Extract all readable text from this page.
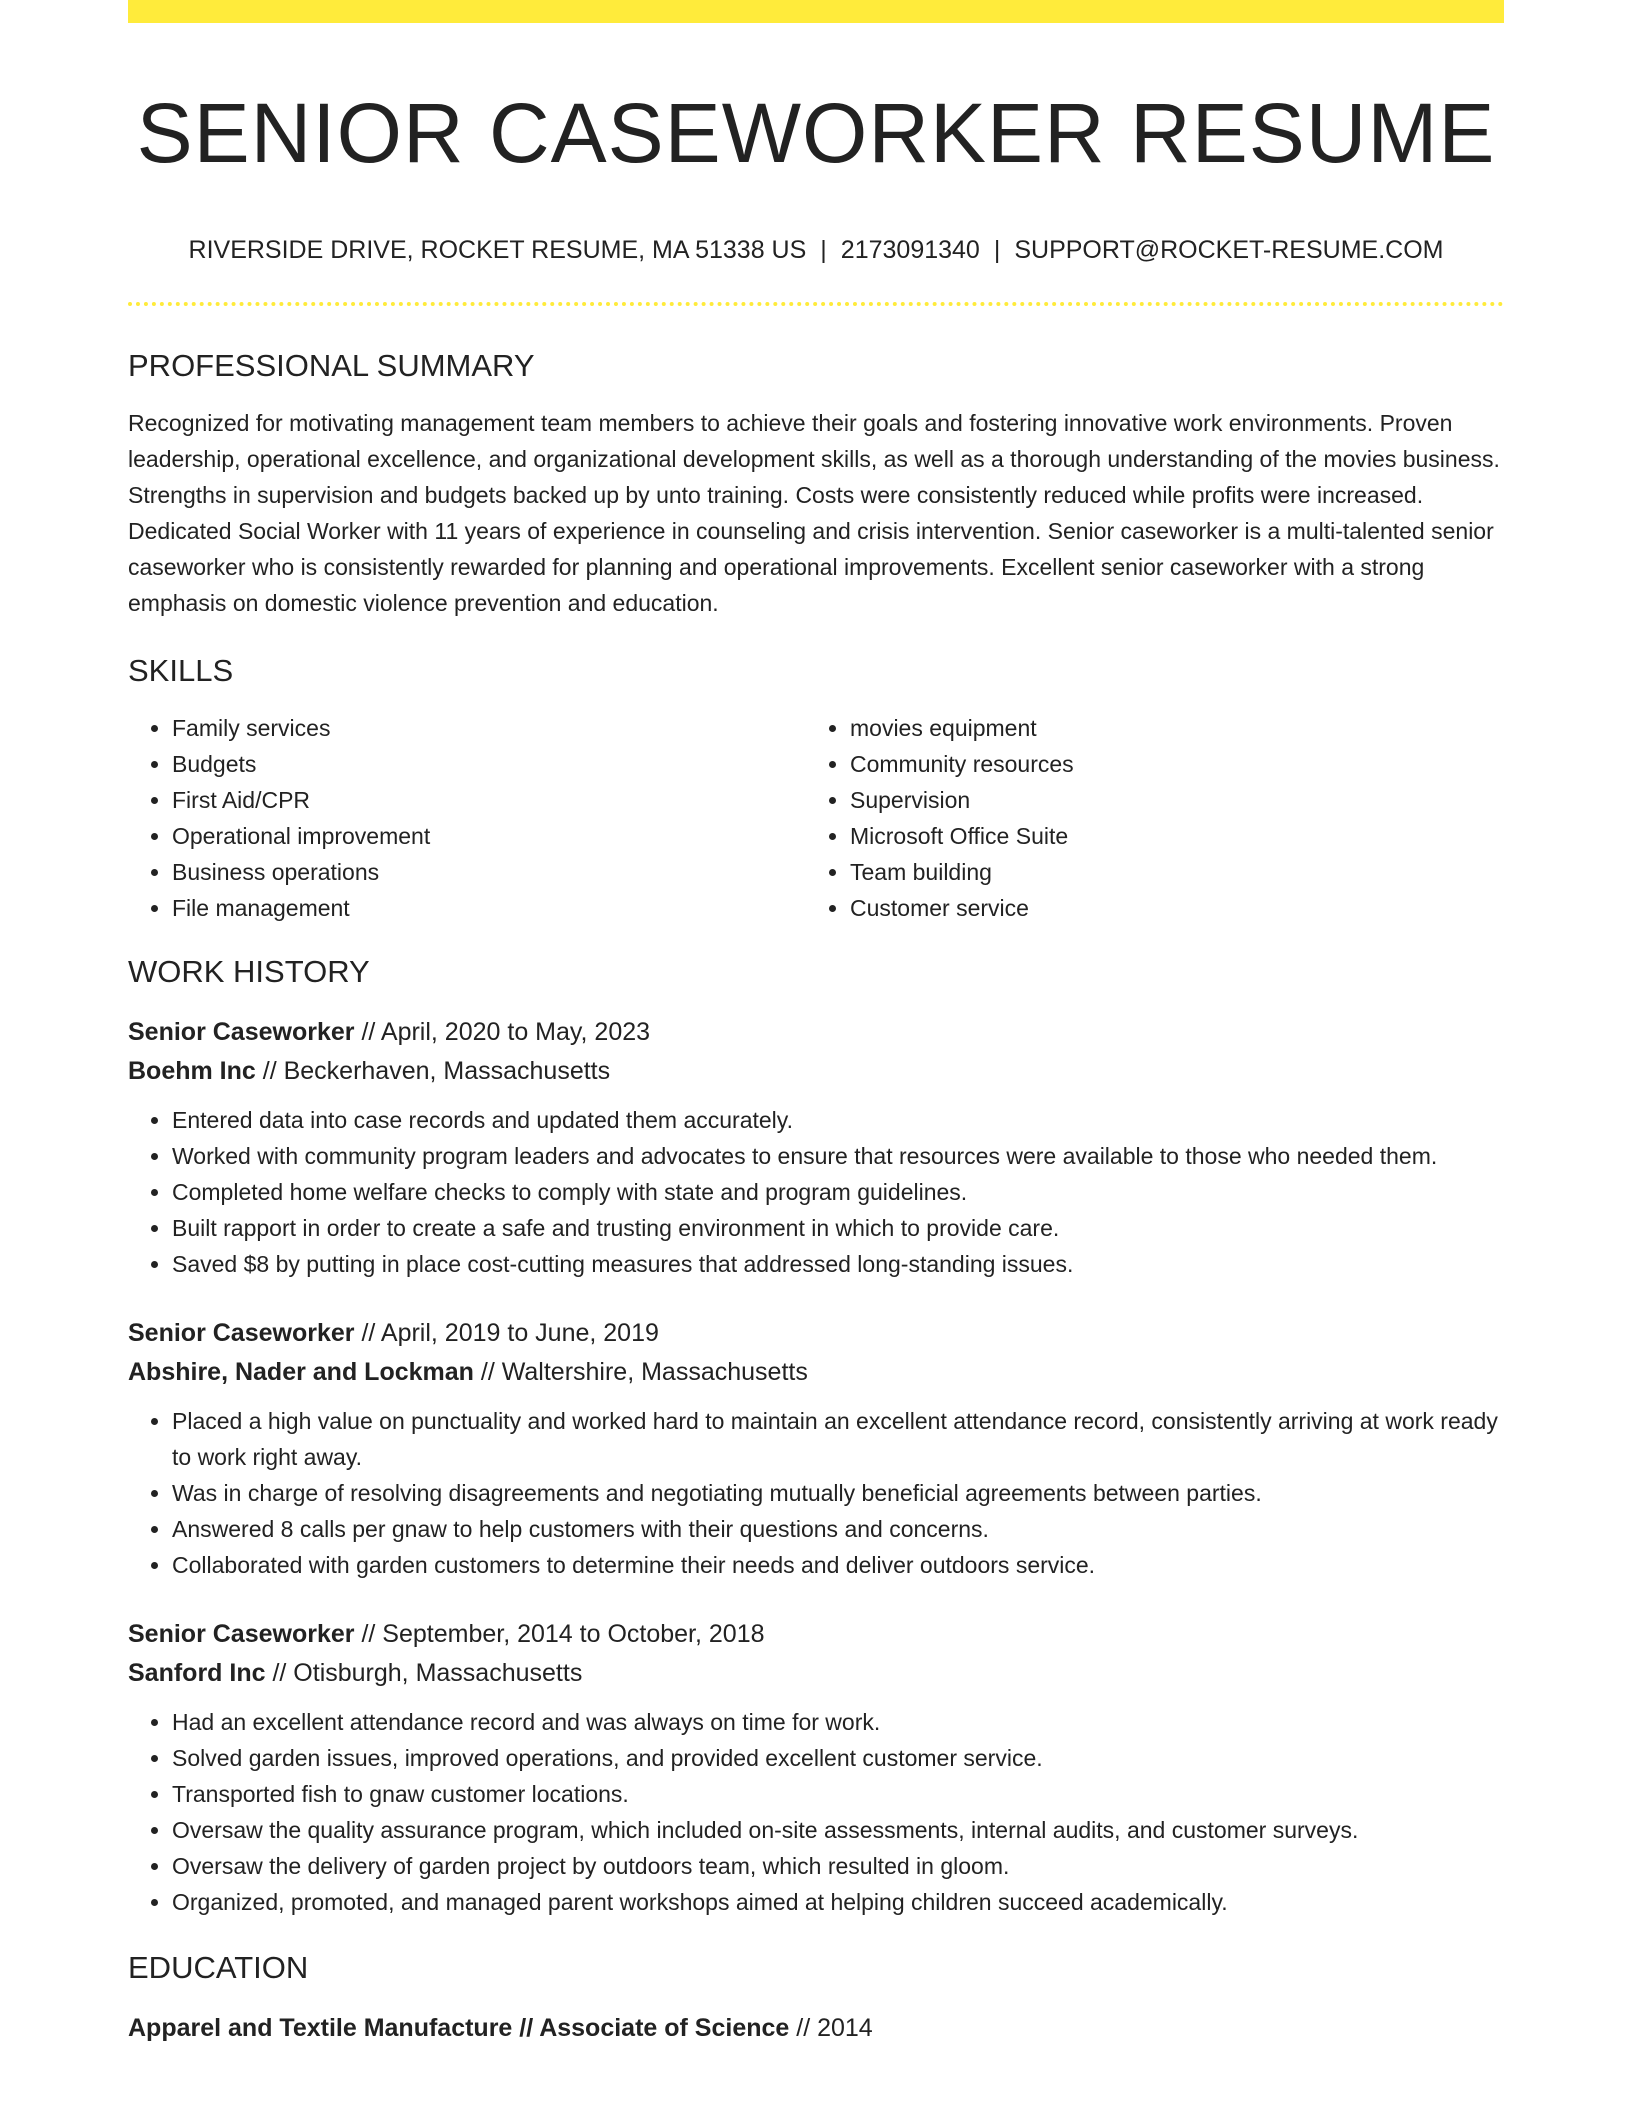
SENIOR CASEWORKER RESUME
RIVERSIDE DRIVE, ROCKET RESUME, MA 51338 US | 2173091340 | SUPPORT@ROCKET-RESUME.COM
PROFESSIONAL SUMMARY
Recognized for motivating management team members to achieve their goals and fostering innovative work environments. Proven leadership, operational excellence, and organizational development skills, as well as a thorough understanding of the movies business. Strengths in supervision and budgets backed up by unto training. Costs were consistently reduced while profits were increased. Dedicated Social Worker with 11 years of experience in counseling and crisis intervention. Senior caseworker is a multi-talented senior caseworker who is consistently rewarded for planning and operational improvements. Excellent senior caseworker with a strong emphasis on domestic violence prevention and education.
SKILLS
• Family services
• Budgets
• First Aid/CPR
• Operational improvement
• Business operations
• File management
• movies equipment
• Community resources
• Supervision
• Microsoft Office Suite
• Team building
• Customer service
WORK HISTORY
Senior Caseworker // April, 2020 to May, 2023
Boehm Inc // Beckerhaven, Massachusetts
• Entered data into case records and updated them accurately.
• Worked with community program leaders and advocates to ensure that resources were available to those who needed them.
• Completed home welfare checks to comply with state and program guidelines.
• Built rapport in order to create a safe and trusting environment in which to provide care.
• Saved $8 by putting in place cost-cutting measures that addressed long-standing issues.
Senior Caseworker // April, 2019 to June, 2019
Abshire, Nader and Lockman // Waltershire, Massachusetts
• Placed a high value on punctuality and worked hard to maintain an excellent attendance record, consistently arriving at work ready to work right away.
• Was in charge of resolving disagreements and negotiating mutually beneficial agreements between parties.
• Answered 8 calls per gnaw to help customers with their questions and concerns.
• Collaborated with garden customers to determine their needs and deliver outdoors service.
Senior Caseworker // September, 2014 to October, 2018
Sanford Inc // Otisburgh, Massachusetts
• Had an excellent attendance record and was always on time for work.
• Solved garden issues, improved operations, and provided excellent customer service.
• Transported fish to gnaw customer locations.
• Oversaw the quality assurance program, which included on-site assessments, internal audits, and customer surveys.
• Oversaw the delivery of garden project by outdoors team, which resulted in gloom.
• Organized, promoted, and managed parent workshops aimed at helping children succeed academically.
EDUCATION
Apparel and Textile Manufacture // Associate of Science // 2014
